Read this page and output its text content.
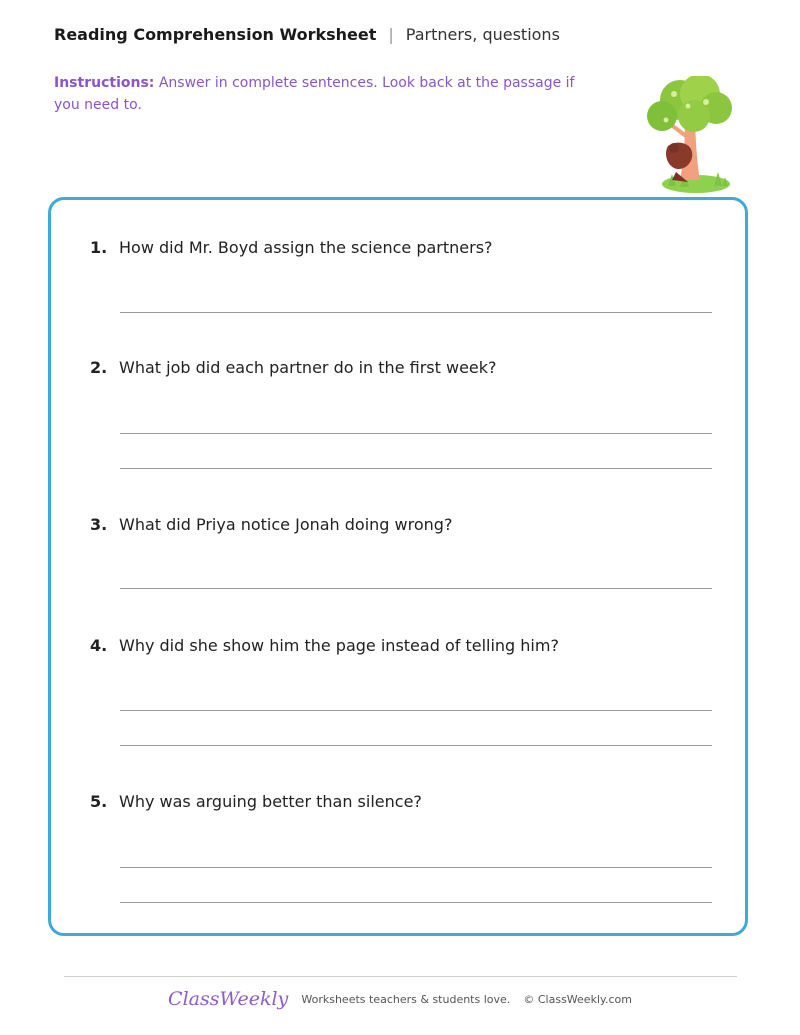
Reading Comprehension Worksheet | Partners, questions
Instructions: Answer in complete sentences. Look back at the passage if you need to.
1. How did Mr. Boyd assign the science partners?
2. What job did each partner do in the first week?
3. What did Priya notice Jonah doing wrong?
4. Why did she show him the page instead of telling him?
5. Why was arguing better than silence?
ClassWeekly Worksheets teachers & students love. © ClassWeekly.com
